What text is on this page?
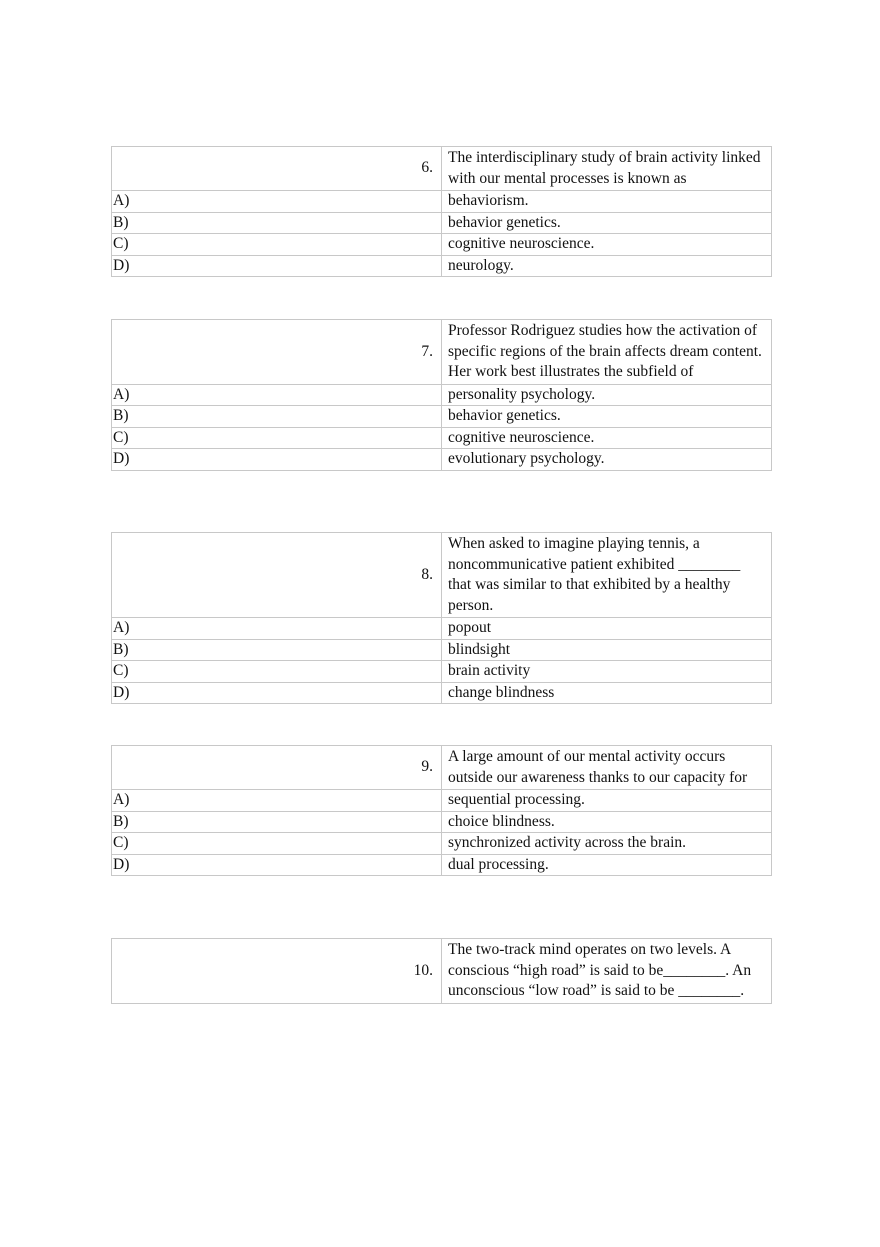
6.	The interdisciplinary study of brain activity linked with our mental processes is known as
A)	behaviorism.
B)	behavior genetics.
C)	cognitive neuroscience.
D)	neurology.
7.	Professor Rodriguez studies how the activation of specific regions of the brain affects dream content. Her work best illustrates the subfield of
A)	personality psychology.
B)	behavior genetics.
C)	cognitive neuroscience.
D)	evolutionary psychology.
8.	When asked to imagine playing tennis, a noncommunicative patient exhibited ________ that was similar to that exhibited by a healthy person.
A)	popout
B)	blindsight
C)	brain activity
D)	change blindness
9.	A large amount of our mental activity occurs outside our awareness thanks to our capacity for
A)	sequential processing.
B)	choice blindness.
C)	synchronized activity across the brain.
D)	dual processing.
10.	The two-track mind operates on two levels. A conscious “high road” is said to be________. An unconscious “low road” is said to be ________.
